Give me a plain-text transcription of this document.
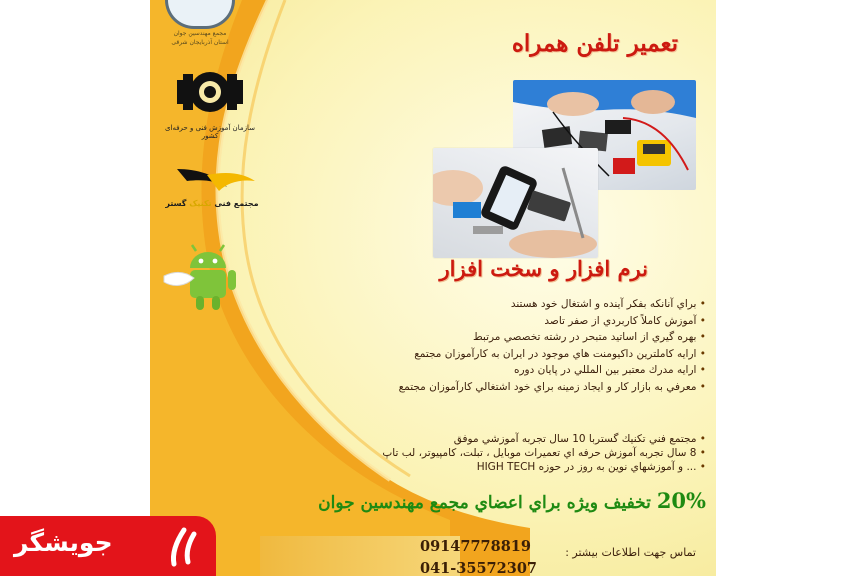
مجمع مهندسین جوان
استان آذربایجان شرقی
سازمان آموزش فنی و حرفه‌ای کشور
مجتمع فنی تکنیک گستر
تعمير تلفن همراه
نرم افزار و سخت افزار
• براي آنانکه بفکر آينده و اشتغال خود هستند
• آموزش كاملاً كاربردي از صفر تاصد
• بهره گيري از اساتيد متبحر در رشته تخصصي مرتبط
• ارايه كاملترين داكيومنت هاي موجود در ايران به كارآموزان مجتمع
• ارايه مدرك معتبر بين المللي در پايان دوره
• معرفي به بازار كار و ايجاد زمينه براي خود اشتغالي كارآموزان مجتمع
• مجتمع فني تكنيك گستربا 10 سال تجربه آموزشي موفق
• 8 سال تجربه آموزش حرفه اي تعميرات موبايل ، تبلت، كامپيوتر، لب تاپ
• ... و آموزشهاي نوين به روز در حوزه HIGH TECH
20% تخفيف ويژه براي اعضاي مجمع مهندسين جوان
09147778819
041-35572307
تماس جهت اطلاعات بيشتر :
جویشگر
